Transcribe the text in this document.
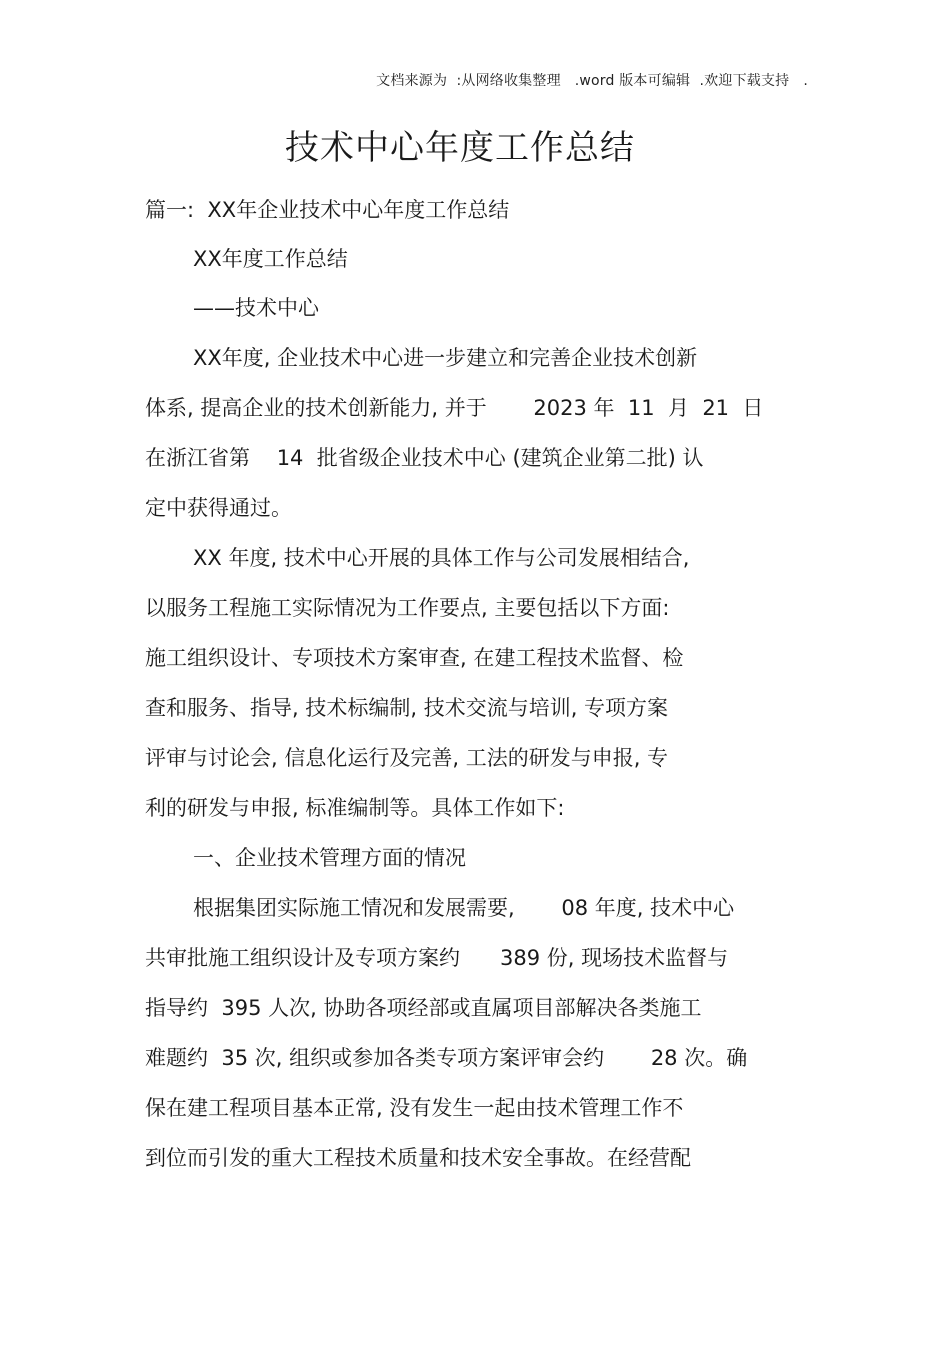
文档来源为  :从网络收集整理   .word 版本可编辑  .欢迎下载支持   .
技术中心年度工作总结
篇一:  XX年企业技术中心年度工作总结
XX年度工作总结
——技术中心
XX年度, 企业技术中心进一步建立和完善企业技术创新
体系, 提高企业的技术创新能力, 并于       2023 年  11  月  21  日
在浙江省第    14  批省级企业技术中心 (建筑企业第二批) 认
定中获得通过。
XX 年度, 技术中心开展的具体工作与公司发展相结合,
以服务工程施工实际情况为工作要点, 主要包括以下方面:
施工组织设计、专项技术方案审查, 在建工程技术监督、检
查和服务、指导, 技术标编制, 技术交流与培训, 专项方案
评审与讨论会, 信息化运行及完善, 工法的研发与申报, 专
利的研发与申报, 标准编制等。具体工作如下:
一、企业技术管理方面的情况
根据集团实际施工情况和发展需要,       08 年度, 技术中心
共审批施工组织设计及专项方案约      389 份, 现场技术监督与
指导约  395 人次, 协助各项经部或直属项目部解决各类施工
难题约  35 次, 组织或参加各类专项方案评审会约       28 次。确
保在建工程项目基本正常, 没有发生一起由技术管理工作不
到位而引发的重大工程技术质量和技术安全事故。在经营配
